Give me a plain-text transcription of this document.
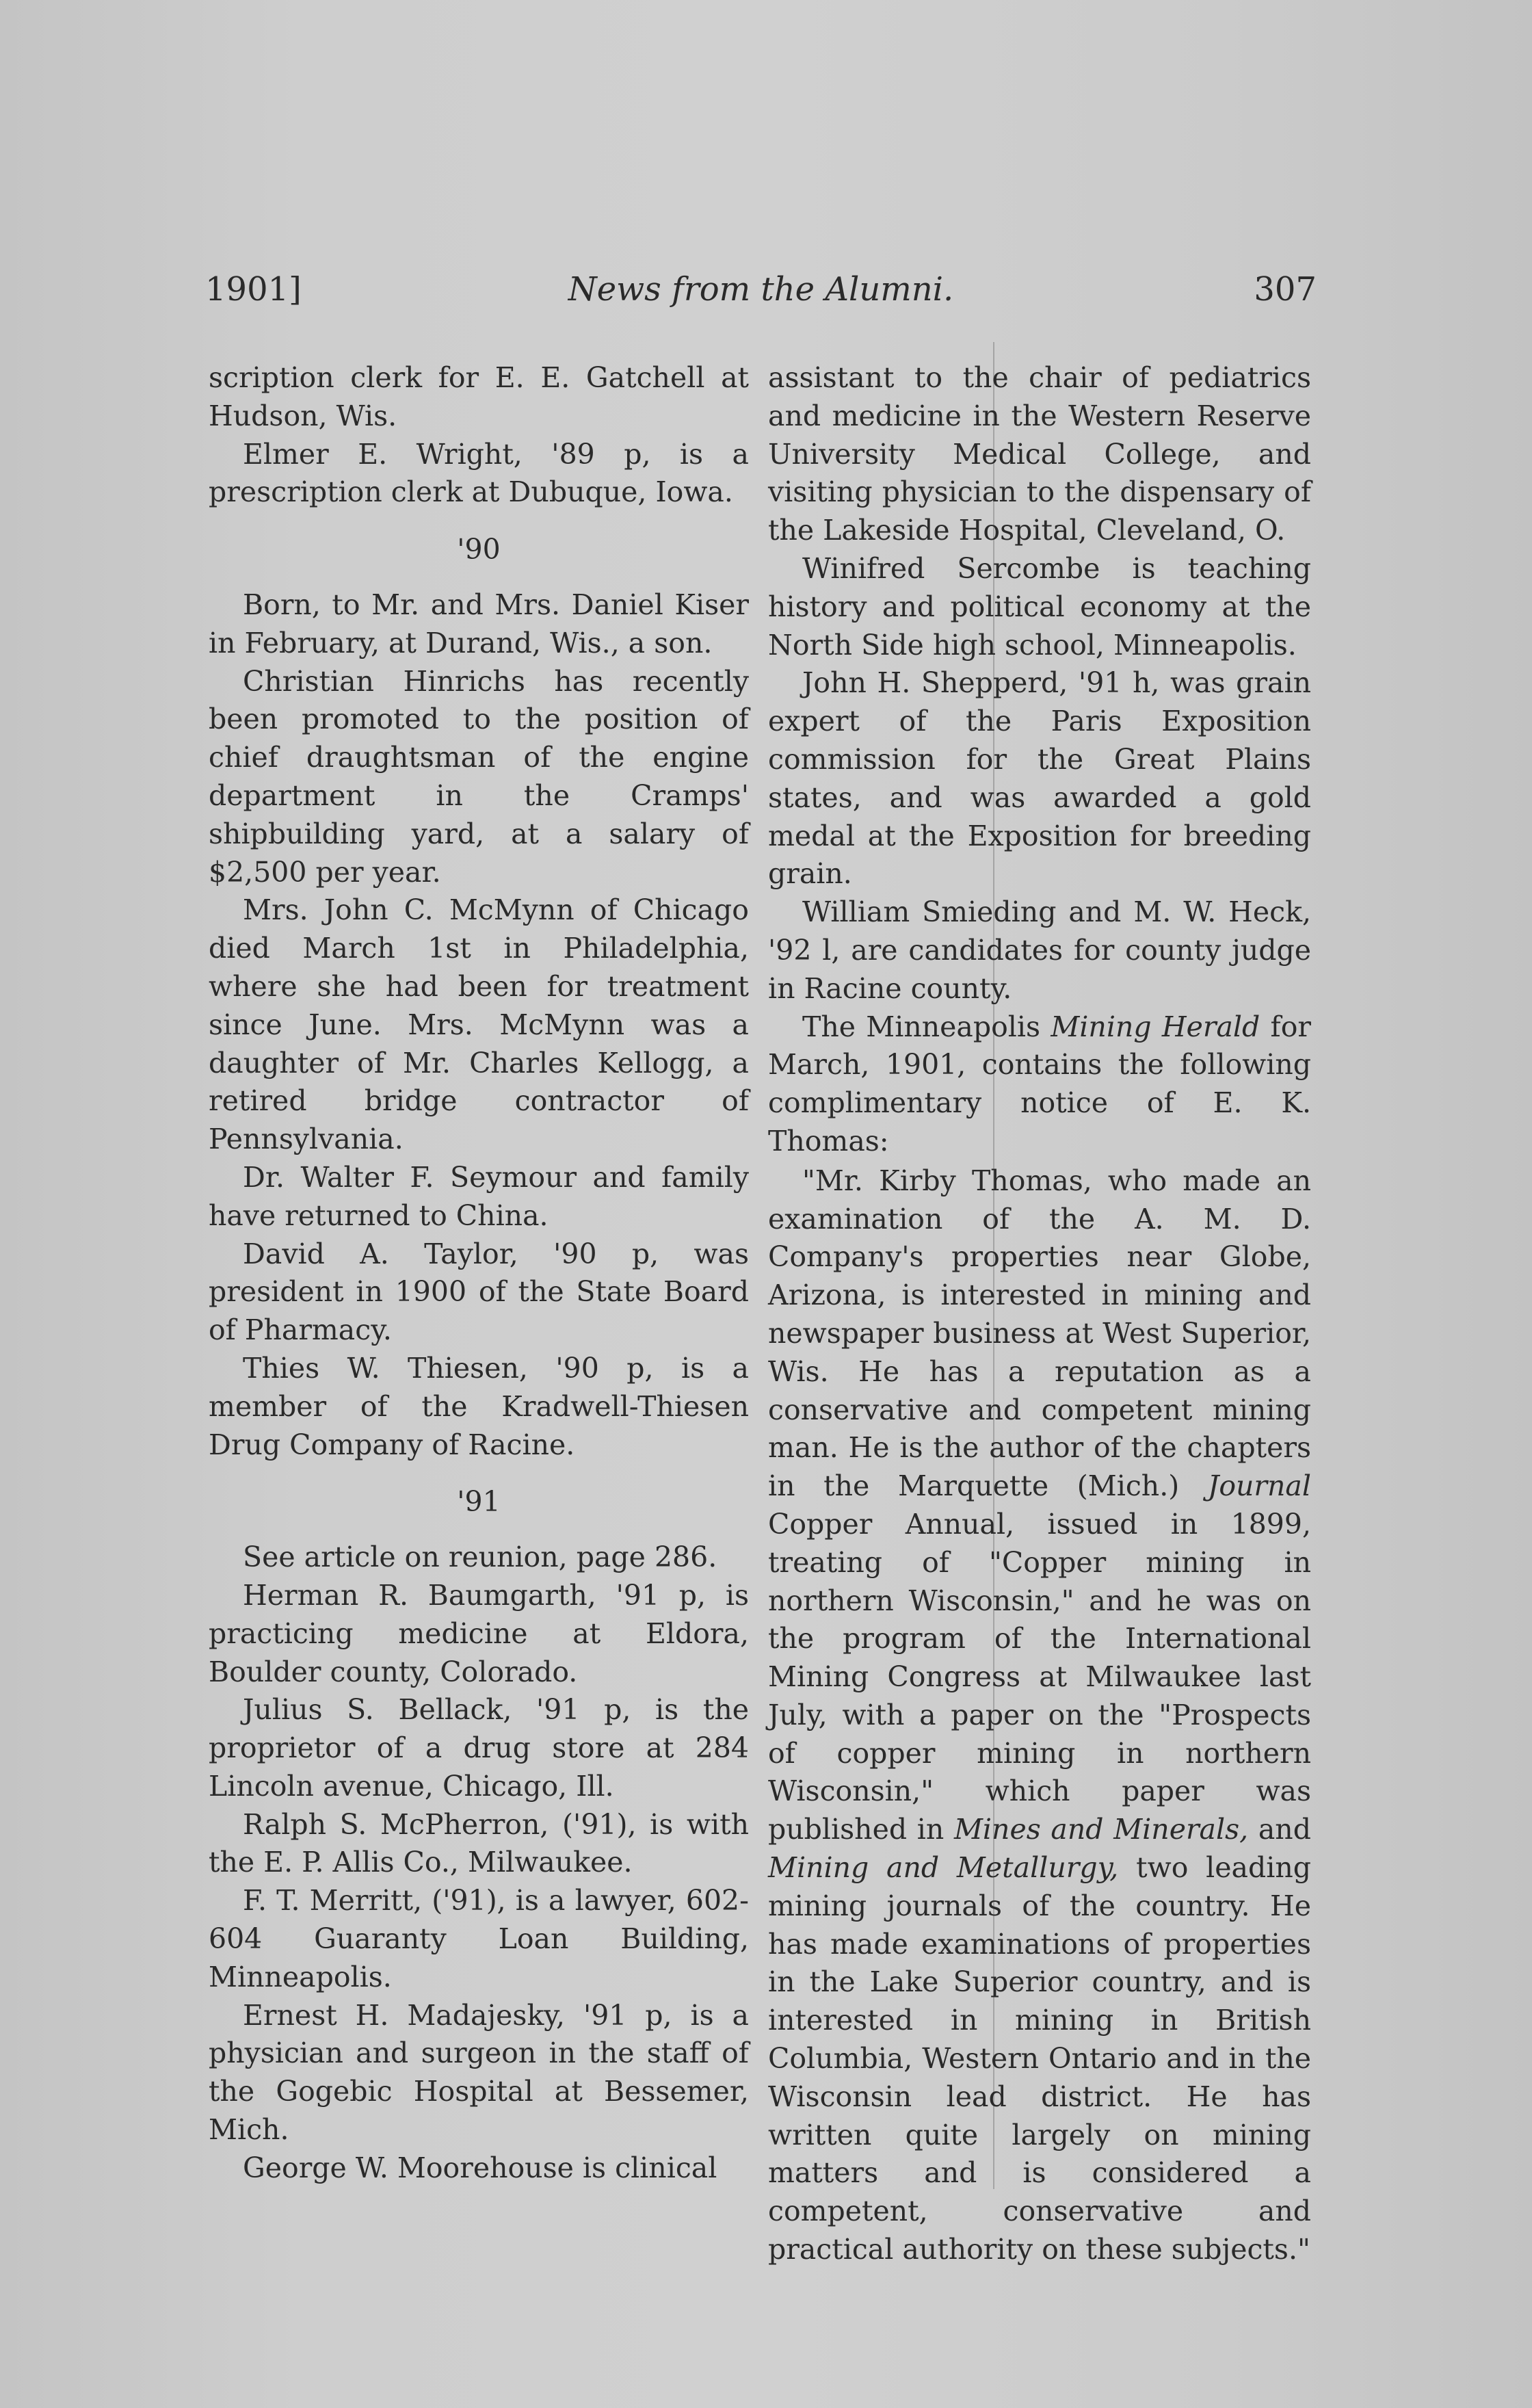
1901]	News from the Alumni.	307

scription clerk for E. E. Gatchell at Hudson, Wis.

Elmer E. Wright, '89 p, is a prescription clerk at Dubuque, Iowa.

'90

Born, to Mr. and Mrs. Daniel Kiser in February, at Durand, Wis., a son.

Christian Hinrichs has recently been promoted to the position of chief draughtsman of the engine department in the Cramps' shipbuilding yard, at a salary of $2,500 per year.

Mrs. John C. McMynn of Chicago died March 1st in Philadelphia, where she had been for treatment since June. Mrs. McMynn was a daughter of Mr. Charles Kellogg, a retired bridge contractor of Pennsylvania.

Dr. Walter F. Seymour and family have returned to China.

David A. Taylor, '90 p, was president in 1900 of the State Board of Pharmacy.

Thies W. Thiesen, '90 p, is a member of the Kradwell-Thiesen Drug Company of Racine.

'91

See article on reunion, page 286.

Herman R. Baumgarth, '91 p, is practicing medicine at Eldora, Boulder county, Colorado.

Julius S. Bellack, '91 p, is the proprietor of a drug store at 284 Lincoln avenue, Chicago, Ill.

Ralph S. McPherron, ('91), is with the E. P. Allis Co., Milwaukee.

F. T. Merritt, ('91), is a lawyer, 602-604 Guaranty Loan Building, Minneapolis.

Ernest H. Madajesky, '91 p, is a physician and surgeon in the staff of the Gogebic Hospital at Bessemer, Mich.

George W. Moorehouse is clinical

assistant to the chair of pediatrics and medicine in the Western Reserve University Medical College, and visiting physician to the dispensary of the Lakeside Hospital, Cleveland, O.

Winifred Sercombe is teaching history and political economy at the North Side high school, Minneapolis.

John H. Shepperd, '91 h, was grain expert of the Paris Exposition commission for the Great Plains states, and was awarded a gold medal at the Exposition for breeding grain.

William Smieding and M. W. Heck, '92 l, are candidates for county judge in Racine county.

The Minneapolis Mining Herald for March, 1901, contains the following complimentary notice of E. K. Thomas:

"Mr. Kirby Thomas, who made an examination of the A. M. D. Company's properties near Globe, Arizona, is interested in mining and newspaper business at West Superior, Wis. He has a reputation as a conservative and competent mining man. He is the author of the chapters in the Marquette (Mich.) Journal Copper Annual, issued in 1899, treating of "Copper mining in northern Wisconsin," and he was on the program of the International Mining Congress at Milwaukee last July, with a paper on the "Prospects of copper mining in northern Wisconsin," which paper was published in Mines and Minerals, and Mining and Metallurgy, two leading mining journals of the country. He has made examinations of properties in the Lake Superior country, and is interested in mining in British Columbia, Western Ontario and in the Wisconsin lead district. He has written quite largely on mining matters and is considered a competent, conservative and practical authority on these subjects."
